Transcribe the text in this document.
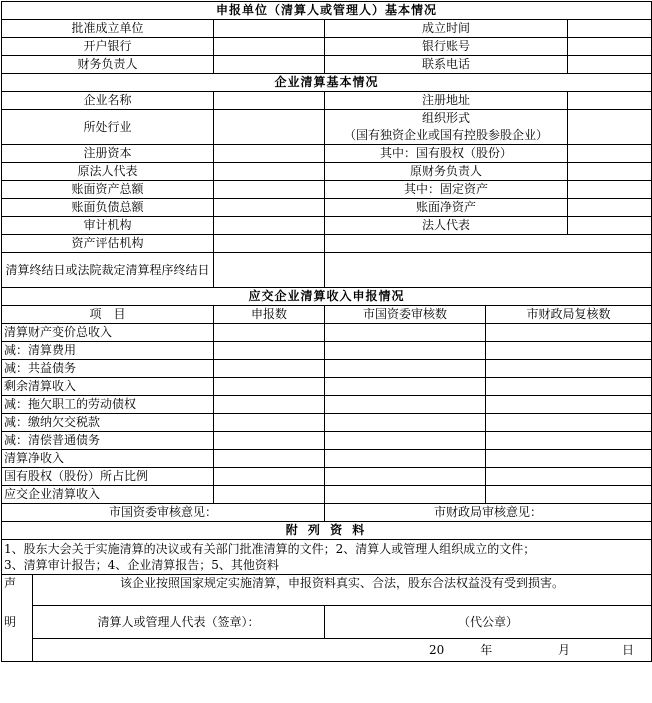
申报单位（清算人或管理人）基本情况					
批准成立单位			成立时间		
开户银行			银行账号		
财务负责人			联系电话		
企业清算基本情况					
企业名称			注册地址		
所处行业			组织形式		
			（国有独资企业或国有控股参股企业）		
注册资本			其中：国有股权（股份）		
原法人代表			原财务负责人		
账面资产总额			其中：固定资产		
账面负债总额			账面净资产		
审计机构			法人代表		
资产评估机构					
清算终结日或法院裁定清算程序终结日					
应交企业清算收入申报情况					
项　目		申报数	市国资委审核数	市财政局复核数	
清算财产变价总收入					
减：清算费用					
减：共益债务					
剩余清算收入					
减：拖欠职工的劳动债权					
减：缴纳欠交税款					
减：清偿普通债务					
清算净收入					
国有股权（股份）所占比例					
应交企业清算收入					
市国资委审核意见：			市财政局审核意见：		
附 列 资 料					

1、股东大会关于实施清算的决议或有关部门批准清算的文件；2、清算人或管理人组织成立的文件；
3、清算审计报告；4、企业清算报告；5、其他资料					

声	该企业按照国家规定实施清算，申报资料真实、合法，股东合法权益没有受到损害。				

明	清算人或管理人代表（签章）：		（代公章）		

	20　　　年 月 日				
